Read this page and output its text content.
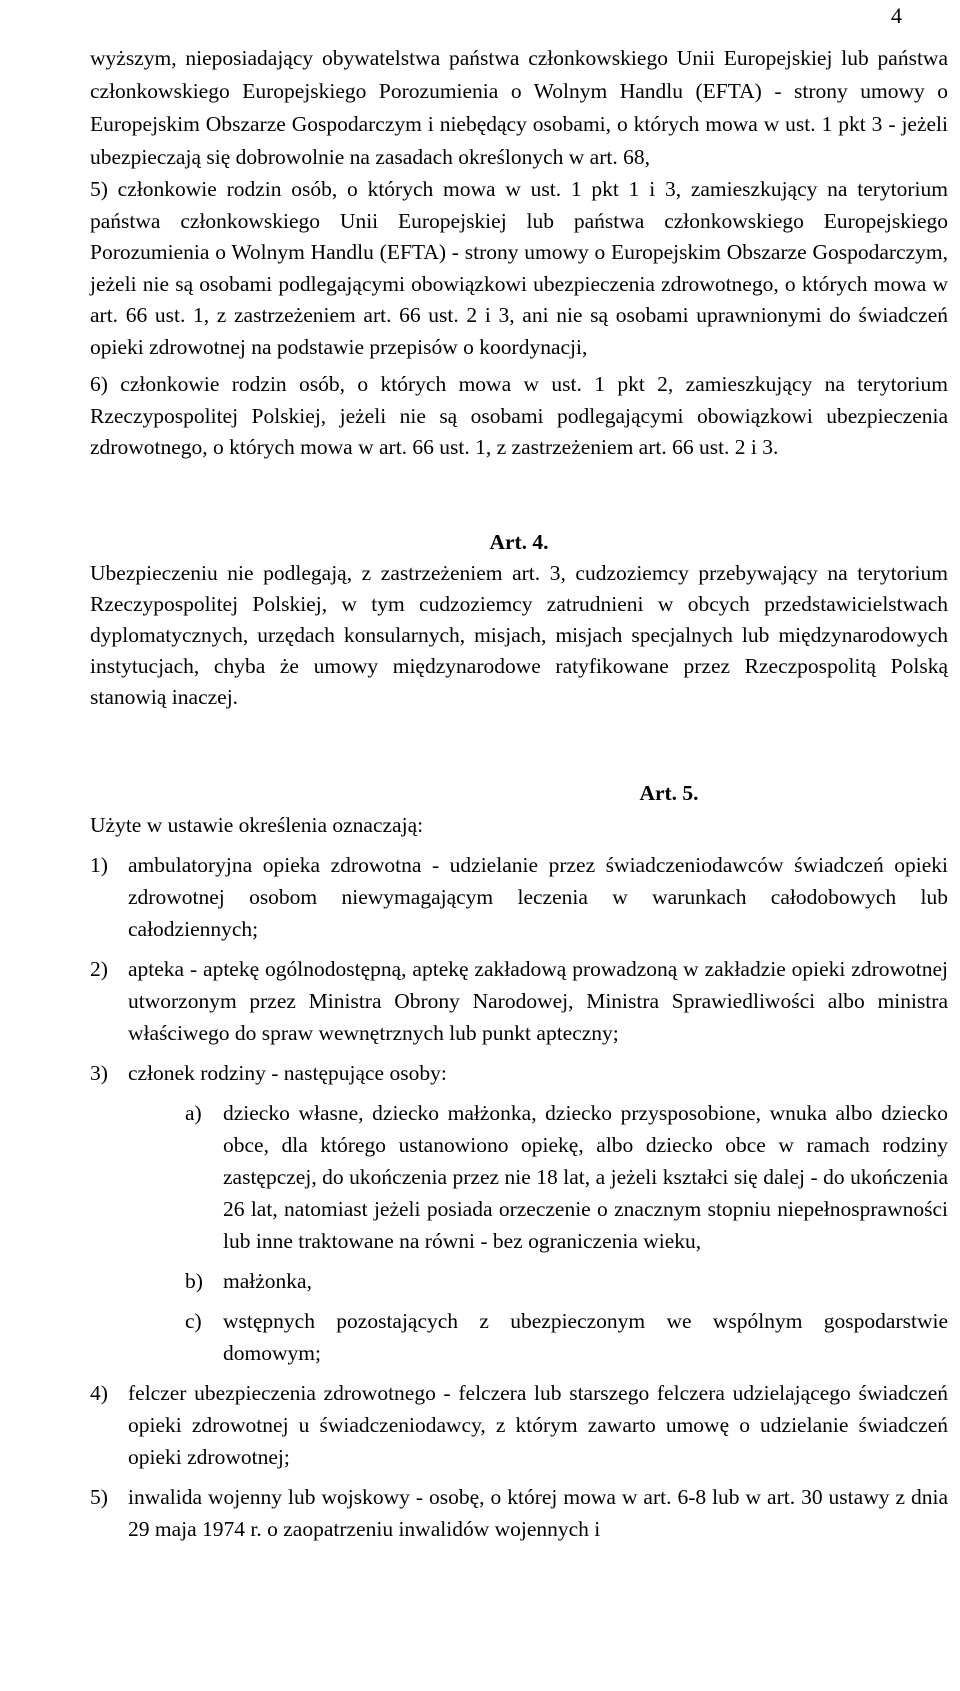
4

wyższym, nieposiadający obywatelstwa państwa członkowskiego Unii Europejskiej lub państwa członkowskiego Europejskiego Porozumienia o Wolnym Handlu (EFTA) - strony umowy o Europejskim Obszarze Gospodarczym i niebędący osobami, o których mowa w ust. 1 pkt 3 - jeżeli ubezpieczają się dobrowolnie na zasadach określonych w art. 68,

5) członkowie rodzin osób, o których mowa w ust. 1 pkt 1 i 3, zamieszkujący na terytorium państwa członkowskiego Unii Europejskiej lub państwa członkowskiego Europejskiego Porozumienia o Wolnym Handlu (EFTA) - strony umowy o Europejskim Obszarze Gospodarczym, jeżeli nie są osobami podlegającymi obowiązkowi ubezpieczenia zdrowotnego, o których mowa w art. 66 ust. 1, z zastrzeżeniem art. 66 ust. 2 i 3, ani nie są osobami uprawnionymi do świadczeń opieki zdrowotnej na podstawie przepisów o koordynacji,

6) członkowie rodzin osób, o których mowa w ust. 1 pkt 2, zamieszkujący na terytorium Rzeczypospolitej Polskiej, jeżeli nie są osobami podlegającymi obowiązkowi ubezpieczenia zdrowotnego, o których mowa w art. 66 ust. 1, z zastrzeżeniem art. 66 ust. 2 i 3.

Art. 4.

Ubezpieczeniu nie podlegają, z zastrzeżeniem art. 3, cudzoziemcy przebywający na terytorium Rzeczypospolitej Polskiej, w tym cudzoziemcy zatrudnieni w obcych przedstawicielstwach dyplomatycznych, urzędach konsularnych, misjach, misjach specjalnych lub międzynarodowych instytucjach, chyba że umowy międzynarodowe ratyfikowane przez Rzeczpospolitą Polską stanowią inaczej.

Art. 5.

Użyte w ustawie określenia oznaczają:

1) ambulatoryjna opieka zdrowotna - udzielanie przez świadczeniodawców świadczeń opieki zdrowotnej osobom niewymagającym leczenia w warunkach całodobowych lub całodziennych;
2) apteka - aptekę ogólnodostępną, aptekę zakładową prowadzoną w zakładzie opieki zdrowotnej utworzonym przez Ministra Obrony Narodowej, Ministra Sprawiedliwości albo ministra właściwego do spraw wewnętrznych lub punkt apteczny;
3) członek rodziny - następujące osoby:
a) dziecko własne, dziecko małżonka, dziecko przysposobione, wnuka albo dziecko obce, dla którego ustanowiono opiekę, albo dziecko obce w ramach rodziny zastępczej, do ukończenia przez nie 18 lat, a jeżeli kształci się dalej - do ukończenia 26 lat, natomiast jeżeli posiada orzeczenie o znacznym stopniu niepełnosprawności lub inne traktowane na równi - bez ograniczenia wieku,
b) małżonka,
c) wstępnych pozostających z ubezpieczonym we wspólnym gospodarstwie domowym;
4) felczer ubezpieczenia zdrowotnego - felczera lub starszego felczera udzielającego świadczeń opieki zdrowotnej u świadczeniodawcy, z którym zawarto umowę o udzielanie świadczeń opieki zdrowotnej;
5) inwalida wojenny lub wojskowy - osobę, o której mowa w art. 6-8 lub w art. 30 ustawy z dnia 29 maja 1974 r. o zaopatrzeniu inwalidów wojennych i
